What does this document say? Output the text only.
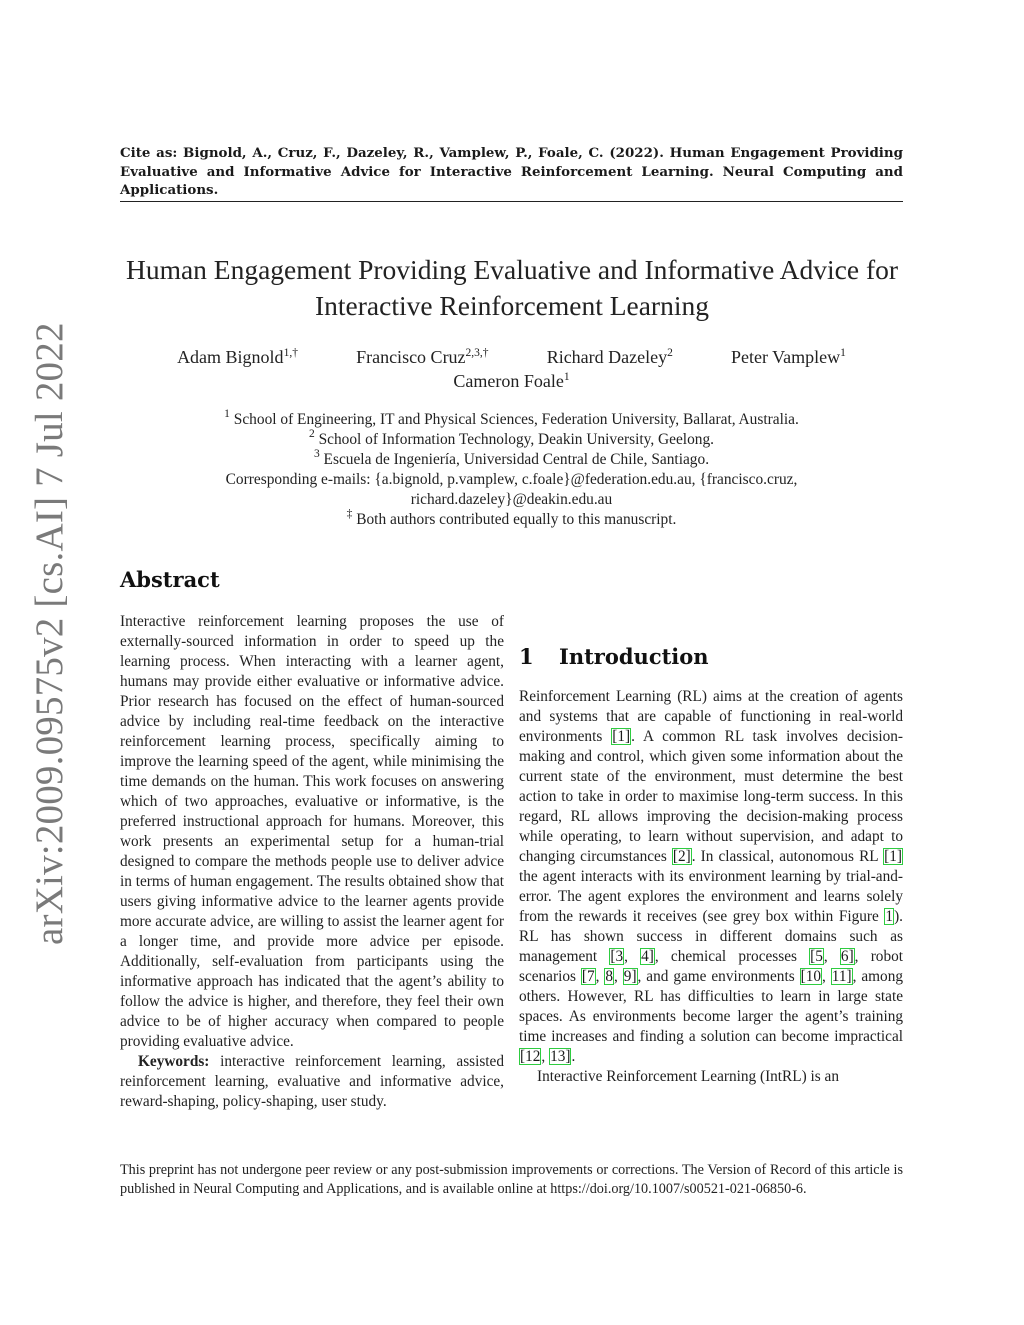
Cite as: Bignold, A., Cruz, F., Dazeley, R., Vamplew, P., Foale, C. (2022). Human Engagement Providing Evaluative and Informative Advice for Interactive Reinforcement Learning. Neural Computing and Applications.
Human Engagement Providing Evaluative and Informative Advice for Interactive Reinforcement Learning
Adam Bignold$^{1,\dagger}$	Francisco Cruz$^{2,3,\dagger}$	Richard Dazeley$^2$	Peter Vamplew$^1$
Cameron Foale$^1$
$^1$ School of Engineering, IT and Physical Sciences, Federation University, Ballarat, Australia.
$^2$ School of Information Technology, Deakin University, Geelong.
$^3$ Escuela de Ingeniería, Universidad Central de Chile, Santiago.
Corresponding e-mails: {a.bignold, p.vamplew, c.foale}@federation.edu.au, {francisco.cruz,
richard.dazeley}@deakin.edu.au
‡ Both authors contributed equally to this manuscript.
arXiv:2009.09575v2 [cs.AI] 7 Jul 2022	Abstract

Interactive reinforcement learning proposes the use of externally-sourced information in order to speed up the learning process. When interacting with a learner agent, humans may provide either evaluative or informative advice. Prior research has focused on the effect of human-sourced advice by including real-time feedback on the interactive reinforcement learning process, specifically aiming to improve the learning speed of the agent, while minimising the time demands on the human. This work focuses on answering which of two approaches, evaluative or informative, is the preferred instructional approach for humans. Moreover, this work presents an experimental setup for a human-trial designed to compare the methods people use to deliver advice in terms of human engagement. The results obtained show that users giving informative advice to the learner agents provide more accurate advice, are willing to assist the learner agent for a longer time, and provide more advice per episode. Additionally, self-evaluation from participants using the informative approach has indicated that the agent’s ability to follow the advice is higher, and therefore, they feel their own advice to be of higher accuracy when compared to people providing evaluative advice.

Keywords: interactive reinforcement learning, assisted reinforcement learning, evaluative and informative advice, reward-shaping, policy-shaping, user study.

1 Introduction

Reinforcement Learning (RL) aims at the creation of agents and systems that are capable of functioning in real-world environments [1]. A common RL task involves decision-making and control, which given some information about the current state of the environment, must determine the best action to take in order to maximise long-term success. In this regard, RL allows improving the decision-making process while operating, to learn without supervision, and adapt to changing circumstances [2]. In classical, autonomous RL [1] the agent interacts with its environment learning by trial-and-error. The agent explores the environment and learns solely from the rewards it receives (see grey box within Figure 1). RL has shown success in different domains such as management [3, 4], chemical processes [5, 6], robot scenarios [7, 8, 9], and game environments [10, 11], among others. However, RL has difficulties to learn in large state spaces. As environments become larger the agent’s training time increases and finding a solution can become impractical [12, 13].

Interactive Reinforcement Learning (IntRL) is an

This preprint has not undergone peer review or any post-submission improvements or corrections. The Version of Record of this article is published in Neural Computing and Applications, and is available online at https://doi.org/10.1007/s00521-021-06850-6.
